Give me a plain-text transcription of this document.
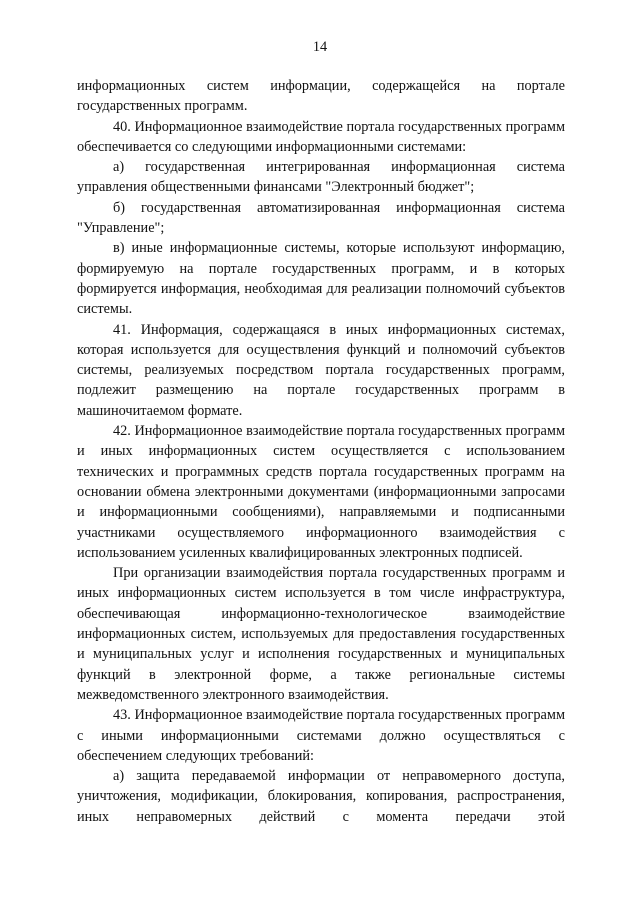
14

информационных систем информации, содержащейся на портале государственных программ.

40. Информационное взаимодействие портала государственных программ обеспечивается со следующими информационными системами:

а) государственная интегрированная информационная система управления общественными финансами "Электронный бюджет";

б) государственная автоматизированная информационная система "Управление";

в) иные информационные системы, которые используют информацию, формируемую на портале государственных программ, и в которых формируется информация, необходимая для реализации полномочий субъектов системы.

41. Информация, содержащаяся в иных информационных системах, которая используется для осуществления функций и полномочий субъектов системы, реализуемых посредством портала государственных программ, подлежит размещению на портале государственных программ в машиночитаемом формате.

42. Информационное взаимодействие портала государственных программ и иных информационных систем осуществляется с использованием технических и программных средств портала государственных программ на основании обмена электронными документами (информационными запросами и информационными сообщениями), направляемыми и подписанными участниками осуществляемого информационного взаимодействия с использованием усиленных квалифицированных электронных подписей.

При организации взаимодействия портала государственных программ и иных информационных систем используется в том числе инфраструктура, обеспечивающая информационно-технологическое взаимодействие информационных систем, используемых для предоставления государственных и муниципальных услуг и исполнения государственных и муниципальных функций в электронной форме, а также региональные системы межведомственного электронного взаимодействия.

43. Информационное взаимодействие портала государственных программ с иными информационными системами должно осуществляться с обеспечением следующих требований:

а) защита передаваемой информации от неправомерного доступа, уничтожения, модификации, блокирования, копирования, распространения, иных неправомерных действий с момента передачи этой
